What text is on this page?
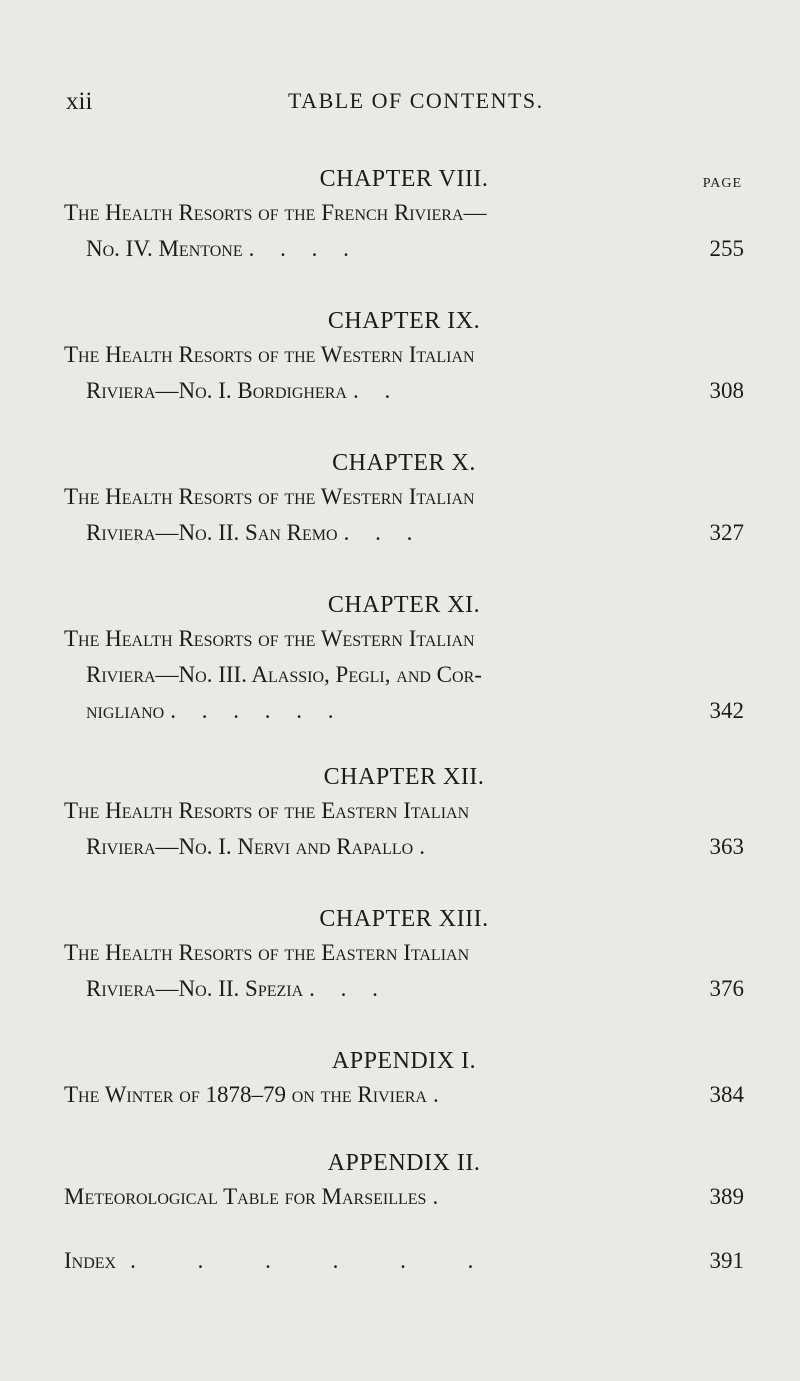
xii	TABLE OF CONTENTS.
CHAPTER VIII.
The Health Resorts of the French Riviera—
PAGE
No. IV. Mentone . . . .	255
CHAPTER IX.
The Health Resorts of the Western Italian
Riviera—No. I. Bordighera . .	308
CHAPTER X.
The Health Resorts of the Western Italian
Riviera—No. II. San Remo . . .	327
CHAPTER XI.
The Health Resorts of the Western Italian
Riviera—No. III. Alassio, Pegli, and Cor-
nigliano . . . . . .	342
CHAPTER XII.
The Health Resorts of the Eastern Italian
Riviera—No. I. Nervi and Rapallo .	363
CHAPTER XIII.
The Health Resorts of the Eastern Italian
Riviera—No. II. Spezia . . .	376
APPENDIX I.
The Winter of 1878–79 on the Riviera .	384
APPENDIX II.
Meteorological Table for Marseilles .	389
Index . . . . . .	391
